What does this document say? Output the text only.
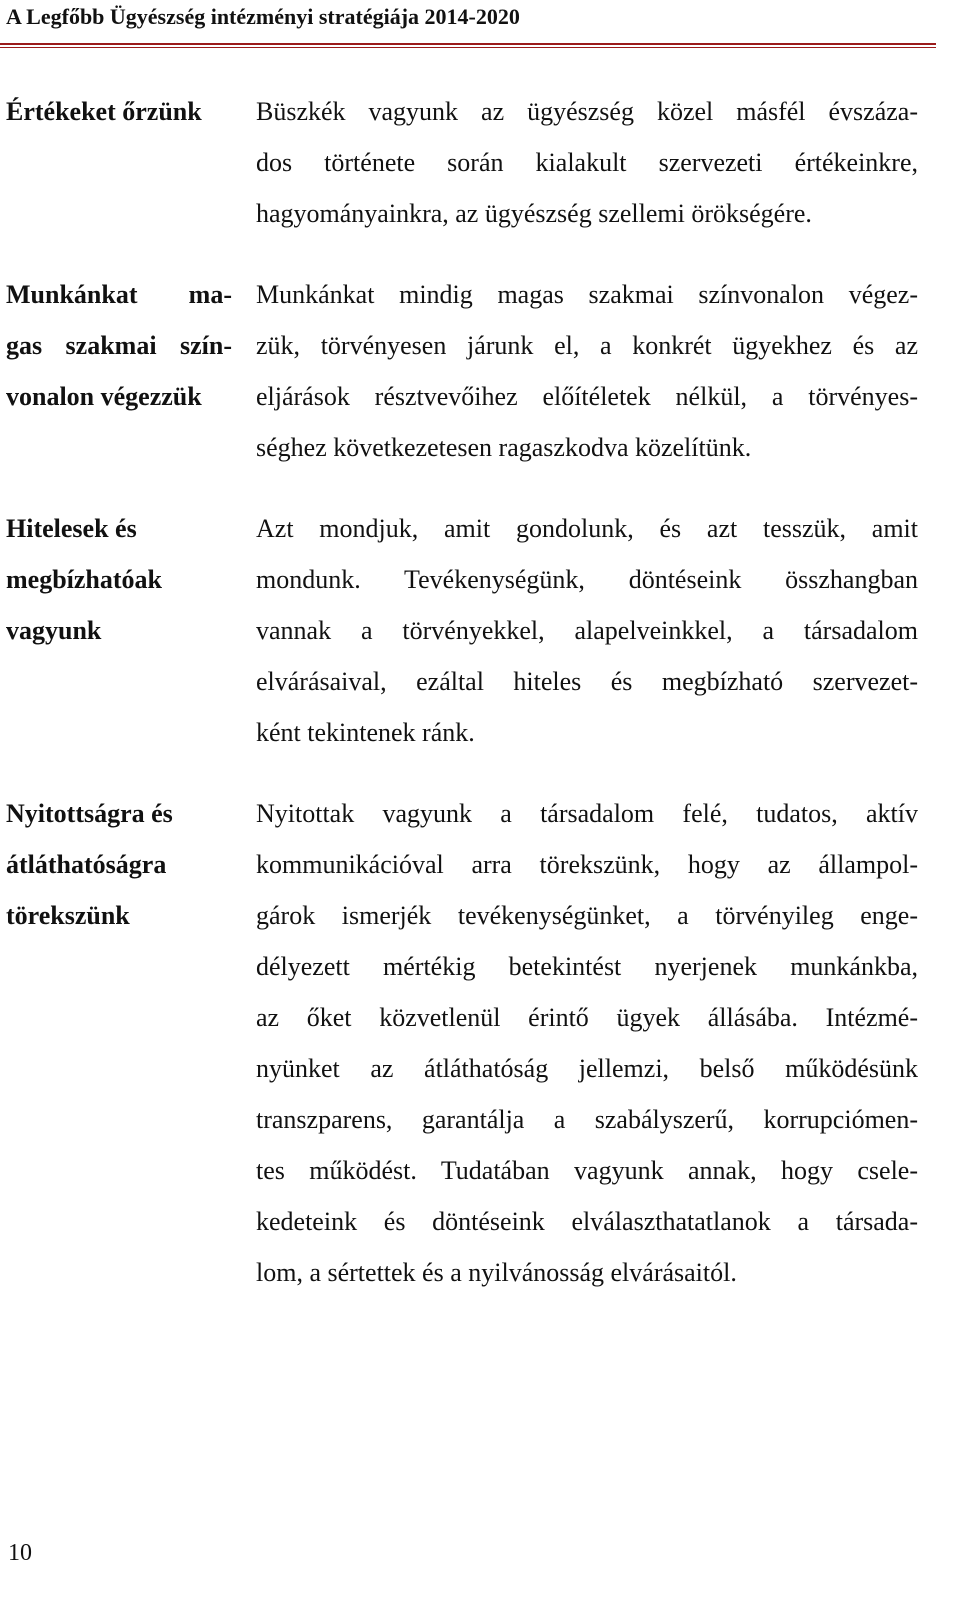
A Legfőbb Ügyészség intézményi stratégiája 2014-2020
Értékeket őrzünk	Büszkék vagyunk az ügyészség közel másfél évszáza-
dos története során kialakult szervezeti értékeinkre,
hagyományainkra, az ügyészség szellemi örökségére.
Munkánkat ma-
gas szakmai szín-
vonalon végezzük
Munkánkat mindig magas szakmai színvonalon végez-
zük, törvényesen járunk el, a konkrét ügyekhez és az
eljárások résztvevőihez előítéletek nélkül, a törvényes-
séghez következetesen ragaszkodva közelítünk.
Hitelesek és
megbízhatóak
vagyunk
Azt mondjuk, amit gondolunk, és azt tesszük, amit
mondunk. Tevékenységünk, döntéseink összhangban
vannak a törvényekkel, alapelveinkkel, a társadalom
elvárásaival, ezáltal hiteles és megbízható szervezet-
ként tekintenek ránk.
Nyitottságra és
átláthatóságra
törekszünk
Nyitottak vagyunk a társadalom felé, tudatos, aktív
kommunikációval arra törekszünk, hogy az állampol-
gárok ismerjék tevékenységünket, a törvényileg enge-
délyezett mértékig betekintést nyerjenek munkánkba,
az őket közvetlenül érintő ügyek állásába. Intézmé-
nyünket az átláthatóság jellemzi, belső működésünk
transzparens, garantálja a szabályszerű, korrupciómen-
tes működést. Tudatában vagyunk annak, hogy csele-
kedeteink és döntéseink elválaszthatatlanok a társada-
lom, a sértettek és a nyilvánosság elvárásaitól.
10
